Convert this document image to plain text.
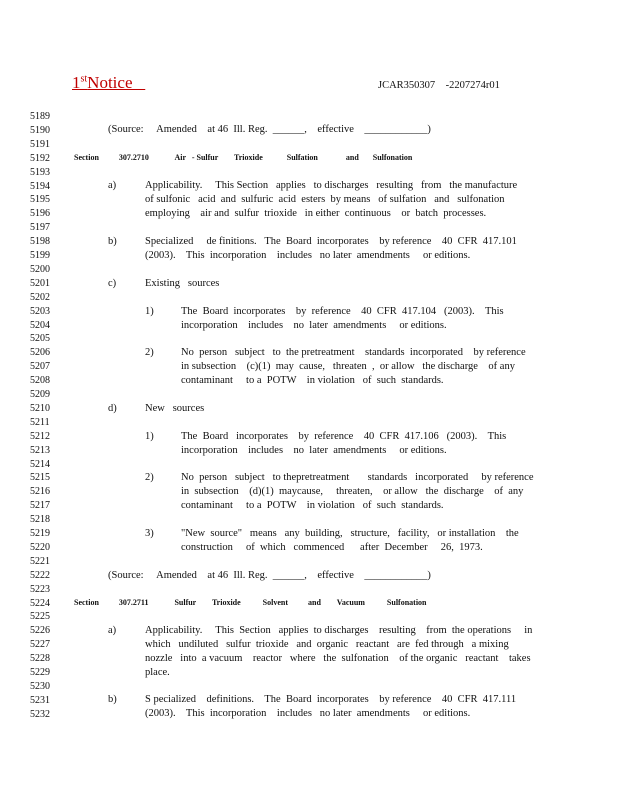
1stNotice	JCAR350307    -2207274r01
5189
5190
5191
5192
5193
5194
5195
5196
5197
5198
5199
5200
5201
5202
5203
5204
5205
5206
5207
5208
5209
5210
5211
5212
5213
5214
5215
5216
5217
5218
5219
5220
5221
5222
5223
5224
5225
5226
5227
5228
5229
5230
5231
5232
(Source:     Amended    at 46  Ill. Reg.  ______,    effective    ____________)
Section          307.2710             Air   - Sulfur        Trioxide            Sulfation              and       Sulfonation
a)	Applicability.     This Section   applies   to discharges   resulting   from   the manufacture
of sulfonic   acid  and  sulfuric  acid  esters  by means   of sulfation   and   sulfonation
employing    air and  sulfur  trioxide   in either  continuous    or  batch  processes.
b)	Specialized     de finitions.   The  Board  incorporates    by reference    40  CFR  417.101
(2003).    This  incorporation    includes   no later  amendments     or editions.
c)	Existing   sources
1)	The  Board  incorporates    by  reference    40  CFR  417.104   (2003).    This
incorporation    includes    no  later  amendments     or editions.
2)	No  person   subject   to  the pretreatment    standards  incorporated    by reference
in subsection    (c)(1)  may  cause,   threaten  ,  or allow   the discharge    of any
contaminant     to a  POTW    in violation   of  such  standards.
d)	New   sources
1)	The  Board   incorporates    by  reference    40  CFR  417.106   (2003).    This
incorporation    includes    no  later  amendments     or editions.
2)	No  person   subject   to thepretreatment       standards   incorporated     by reference
in  subsection    (d)(1)  maycause,     threaten,    or allow   the  discharge    of  any
contaminant     to a  POTW    in violation   of  such  standards.
3)	"New  source"   means   any  building,   structure,   facility,   or installation    the
construction     of  which   commenced      after  December     26,  1973.
(Source:     Amended    at 46  Ill. Reg.  ______,    effective    ____________)
Section          307.2711             Sulfur        Trioxide           Solvent          and        Vacuum           Sulfonation
a)	Applicability.     This  Section   applies  to discharges    resulting    from  the operations     in
which   undiluted   sulfur  trioxide   and  organic   reactant   are  fed through   a mixing
nozzle   into  a vacuum    reactor   where   the  sulfonation    of the organic   reactant    takes
place.
b)	S pecialized    definitions.    The  Board  incorporates    by reference    40  CFR  417.111
(2003).    This  incorporation    includes   no later  amendments     or editions.
